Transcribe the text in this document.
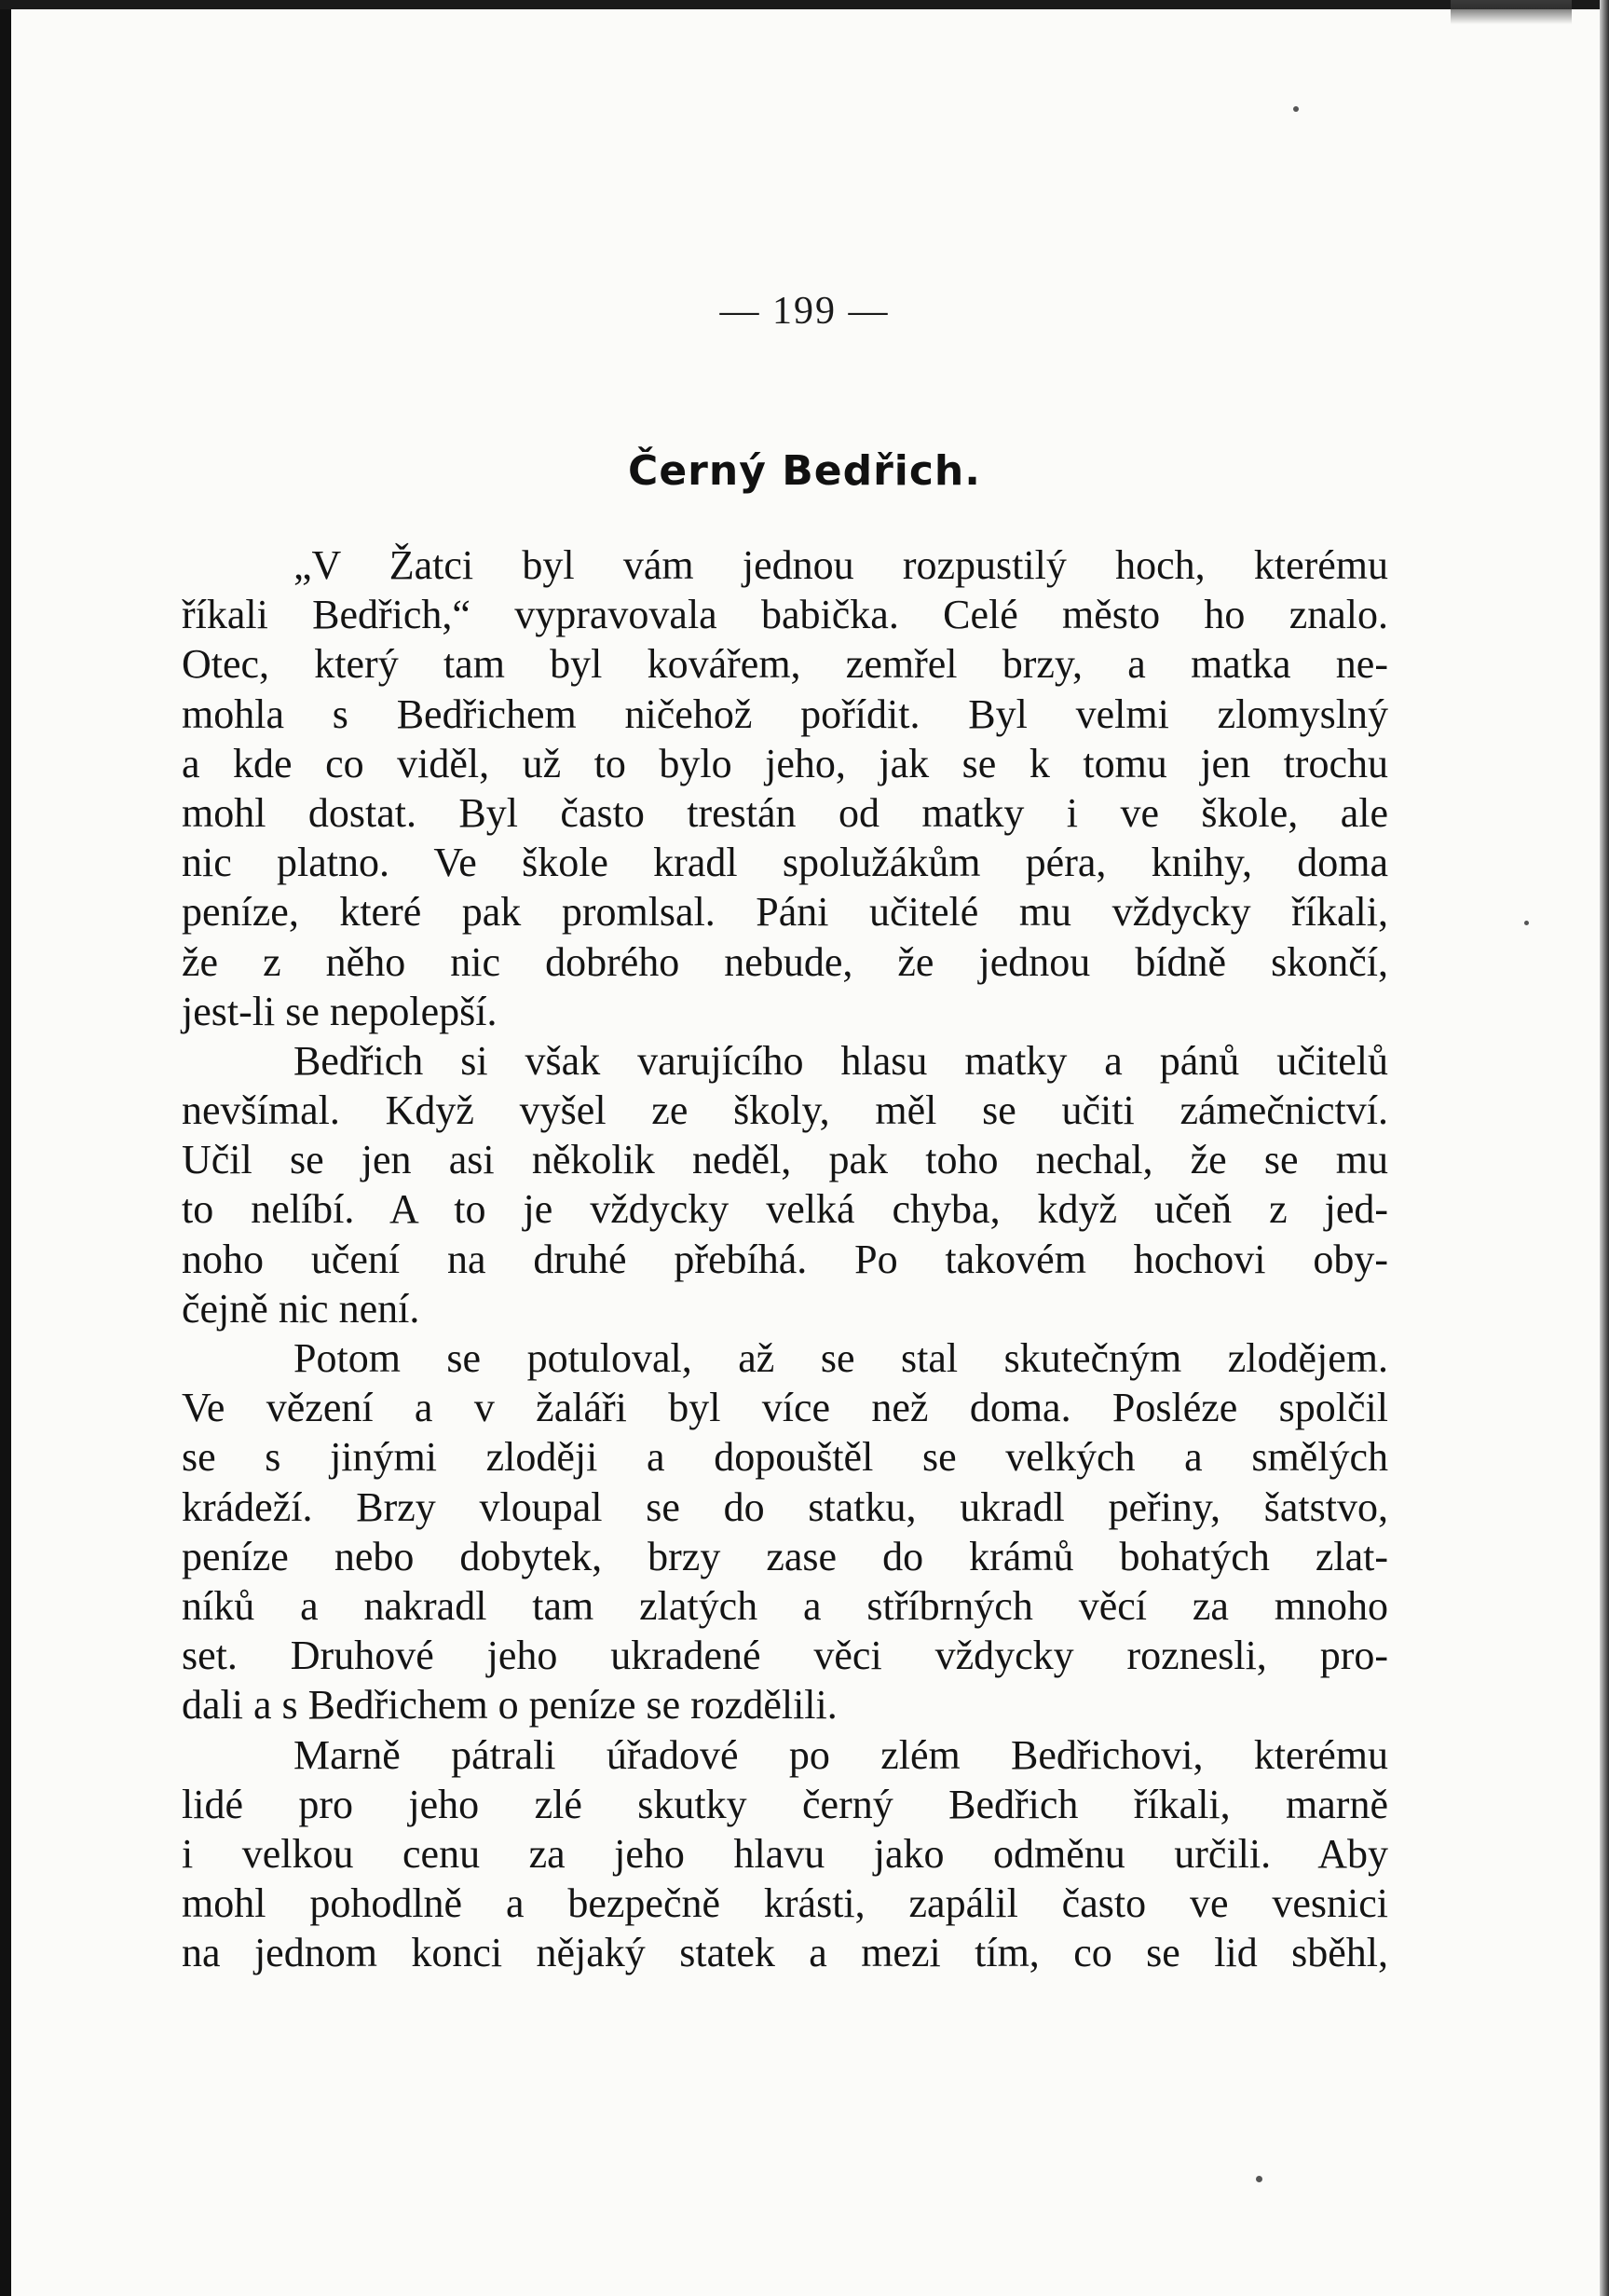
— 199 —
Černý Bedřich.
„V Žatci byl vám jednou rozpustilý hoch, kterému
říkali Bedřich,“ vypravovala babička. Celé město ho znalo.
Otec, který tam byl kovářem, zemřel brzy, a matka ne-
mohla s Bedřichem ničehož pořídit. Byl velmi zlomyslný
a kde co viděl, už to bylo jeho, jak se k tomu jen trochu
mohl dostat. Byl často trestán od matky i ve škole, ale
nic platno. Ve škole kradl spolužákům péra, knihy, doma
peníze, které pak promlsal. Páni učitelé mu vždycky říkali,
že z něho nic dobrého nebude, že jednou bídně skončí,
jest-li se nepolepší.
Bedřich si však varujícího hlasu matky a pánů učitelů
nevšímal. Když vyšel ze školy, měl se učiti zámečnictví.
Učil se jen asi několik neděl, pak toho nechal, že se mu
to nelíbí. A to je vždycky velká chyba, když učeň z jed-
noho učení na druhé přebíhá. Po takovém hochovi oby-
čejně nic není.
Potom se potuloval, až se stal skutečným zlodějem.
Ve vězení a v žaláři byl více než doma. Posléze spolčil
se s jinými zloději a dopouštěl se velkých a smělých
krádeží. Brzy vloupal se do statku, ukradl peřiny, šatstvo,
peníze nebo dobytek, brzy zase do krámů bohatých zlat-
níků a nakradl tam zlatých a stříbrných věcí za mnoho
set. Druhové jeho ukradené věci vždycky roznesli, pro-
dali a s Bedřichem o peníze se rozdělili.
Marně pátrali úřadové po zlém Bedřichovi, kterému
lidé pro jeho zlé skutky černý Bedřich říkali, marně
i velkou cenu za jeho hlavu jako odměnu určili. Aby
mohl pohodlně a bezpečně krásti, zapálil často ve vesnici
na jednom konci nějaký statek a mezi tím, co se lid sběhl,
